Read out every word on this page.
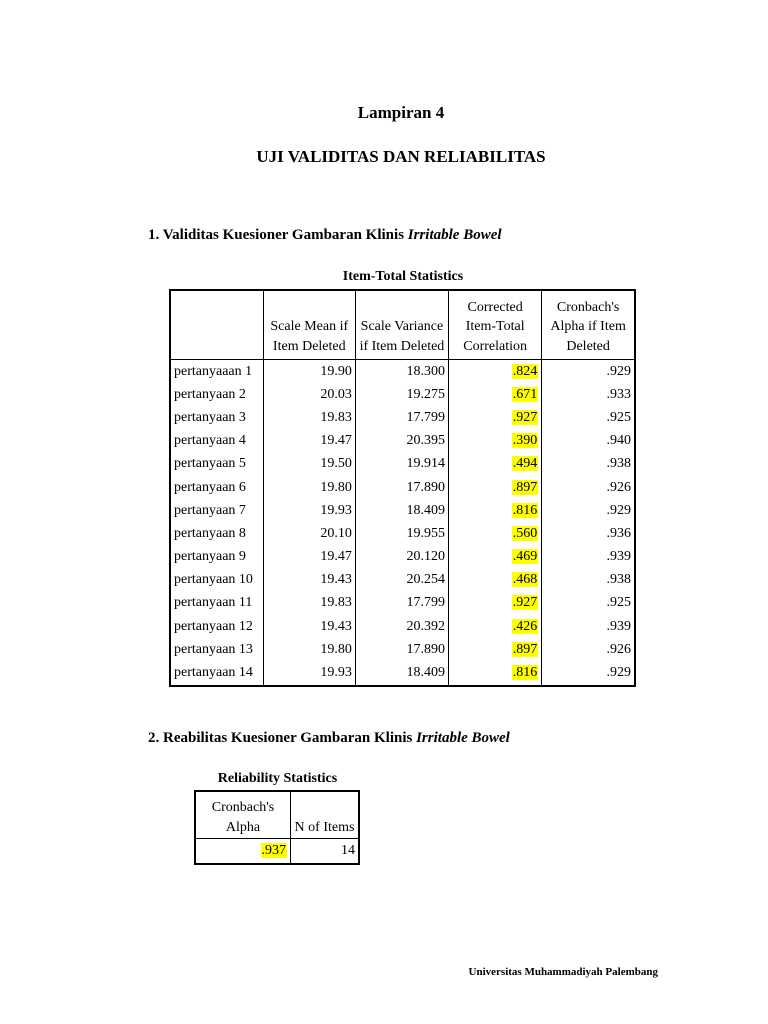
Lampiran 4
UJI VALIDITAS DAN RELIABILITAS
1. Validitas Kuesioner Gambaran Klinis Irritable Bowel
Item-Total Statistics
	Scale Mean if Item Deleted	Scale Variance if Item Deleted	Corrected Item-Total Correlation	Cronbach's Alpha if Item Deleted
pertanyaaan 1	19.90	18.300	.824	.929
pertanyaan 2	20.03	19.275	.671	.933
pertanyaan 3	19.83	17.799	.927	.925
pertanyaan 4	19.47	20.395	.390	.940
pertanyaan 5	19.50	19.914	.494	.938
pertanyaan 6	19.80	17.890	.897	.926
pertanyaan 7	19.93	18.409	.816	.929
pertanyaan 8	20.10	19.955	.560	.936
pertanyaan 9	19.47	20.120	.469	.939
pertanyaan 10	19.43	20.254	.468	.938
pertanyaan 11	19.83	17.799	.927	.925
pertanyaan 12	19.43	20.392	.426	.939
pertanyaan 13	19.80	17.890	.897	.926
pertanyaan 14	19.93	18.409	.816	.929
2. Reabilitas Kuesioner Gambaran Klinis Irritable Bowel
Reliability Statistics
Cronbach's Alpha	N of Items
.937	14
Universitas Muhammadiyah Palembang
